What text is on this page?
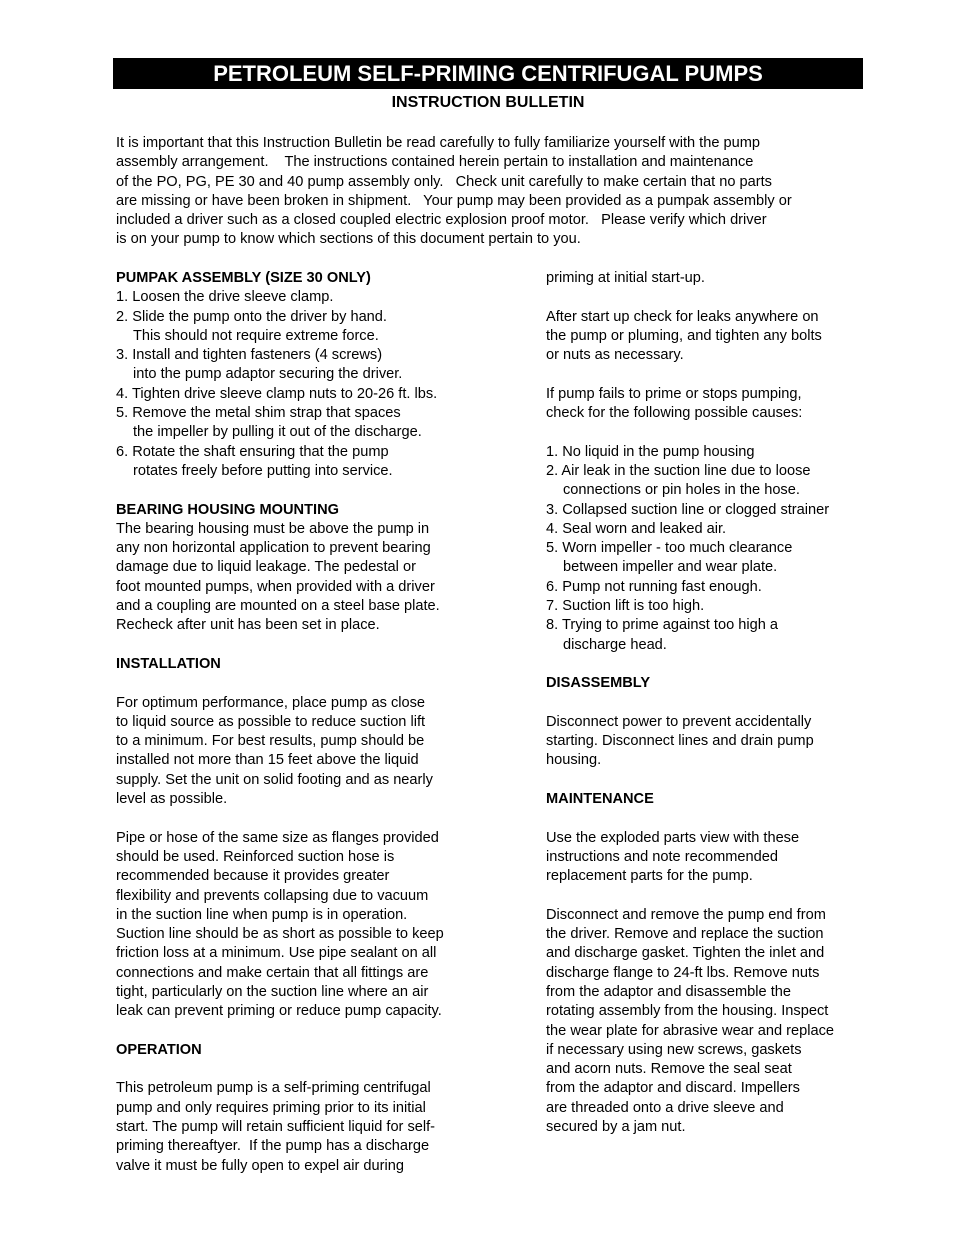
PETROLEUM SELF-PRIMING CENTRIFUGAL PUMPS
INSTRUCTION BULLETIN
It is important that this Instruction Bulletin be read carefully to fully familiarize yourself with the pump
assembly arrangement.    The instructions contained herein pertain to installation and maintenance
of the PO, PG, PE 30 and 40 pump assembly only.   Check unit carefully to make certain that no parts
are missing or have been broken in shipment.   Your pump may been provided as a pumpak assembly or
included a driver such as a closed coupled electric explosion proof motor.   Please verify which driver
is on your pump to know which sections of this document pertain to you.
PUMPAK ASSEMBLY (SIZE 30 ONLY)
1. Loosen the drive sleeve clamp.
2. Slide the pump onto the driver by hand.
This should not require extreme force.
3. Install and tighten fasteners (4 screws)
into the pump adaptor securing the driver.
4. Tighten drive sleeve clamp nuts to 20-26 ft. lbs.
5. Remove the metal shim strap that spaces
the impeller by pulling it out of the discharge.
6. Rotate the shaft ensuring that the pump
rotates freely before putting into service.
BEARING HOUSING MOUNTING
The bearing housing must be above the pump in
any non horizontal application to prevent bearing
damage due to liquid leakage. The pedestal or
foot mounted pumps, when provided with a driver
and a coupling are mounted on a steel base plate.
Recheck after unit has been set in place.
INSTALLATION
For optimum performance, place pump as close
to liquid source as possible to reduce suction lift
to a minimum. For best results, pump should be
installed not more than 15 feet above the liquid
supply. Set the unit on solid footing and as nearly
level as possible.
Pipe or hose of the same size as flanges provided
should be used. Reinforced suction hose is
recommended because it provides greater
flexibility and prevents collapsing due to vacuum
in the suction line when pump is in operation.
Suction line should be as short as possible to keep
friction loss at a minimum. Use pipe sealant on all
connections and make certain that all fittings are
tight, particularly on the suction line where an air
leak can prevent priming or reduce pump capacity.
OPERATION
This petroleum pump is a self-priming centrifugal
pump and only requires priming prior to its initial
start. The pump will retain sufficient liquid for self-
priming thereaftyer.  If the pump has a discharge
valve it must be fully open to expel air during
priming at initial start-up.
After start up check for leaks anywhere on
the pump or pluming, and tighten any bolts
or nuts as necessary.
If pump fails to prime or stops pumping,
check for the following possible causes:
1. No liquid in the pump housing
2. Air leak in the suction line due to loose
connections or pin holes in the hose.
3. Collapsed suction line or clogged strainer
4. Seal worn and leaked air.
5. Worn impeller - too much clearance
between impeller and wear plate.
6. Pump not running fast enough.
7. Suction lift is too high.
8. Trying to prime against too high a
discharge head.
DISASSEMBLY
Disconnect power to prevent accidentally
starting. Disconnect lines and drain pump
housing.
MAINTENANCE
Use the exploded parts view with these
instructions and note recommended
replacement parts for the pump.
Disconnect and remove the pump end from
the driver. Remove and replace the suction
and discharge gasket. Tighten the inlet and
discharge flange to 24-ft lbs. Remove nuts
from the adaptor and disassemble the
rotating assembly from the housing. Inspect
the wear plate for abrasive wear and replace
if necessary using new screws, gaskets
and acorn nuts. Remove the seal seat
from the adaptor and discard. Impellers
are threaded onto a drive sleeve and
secured by a jam nut.
